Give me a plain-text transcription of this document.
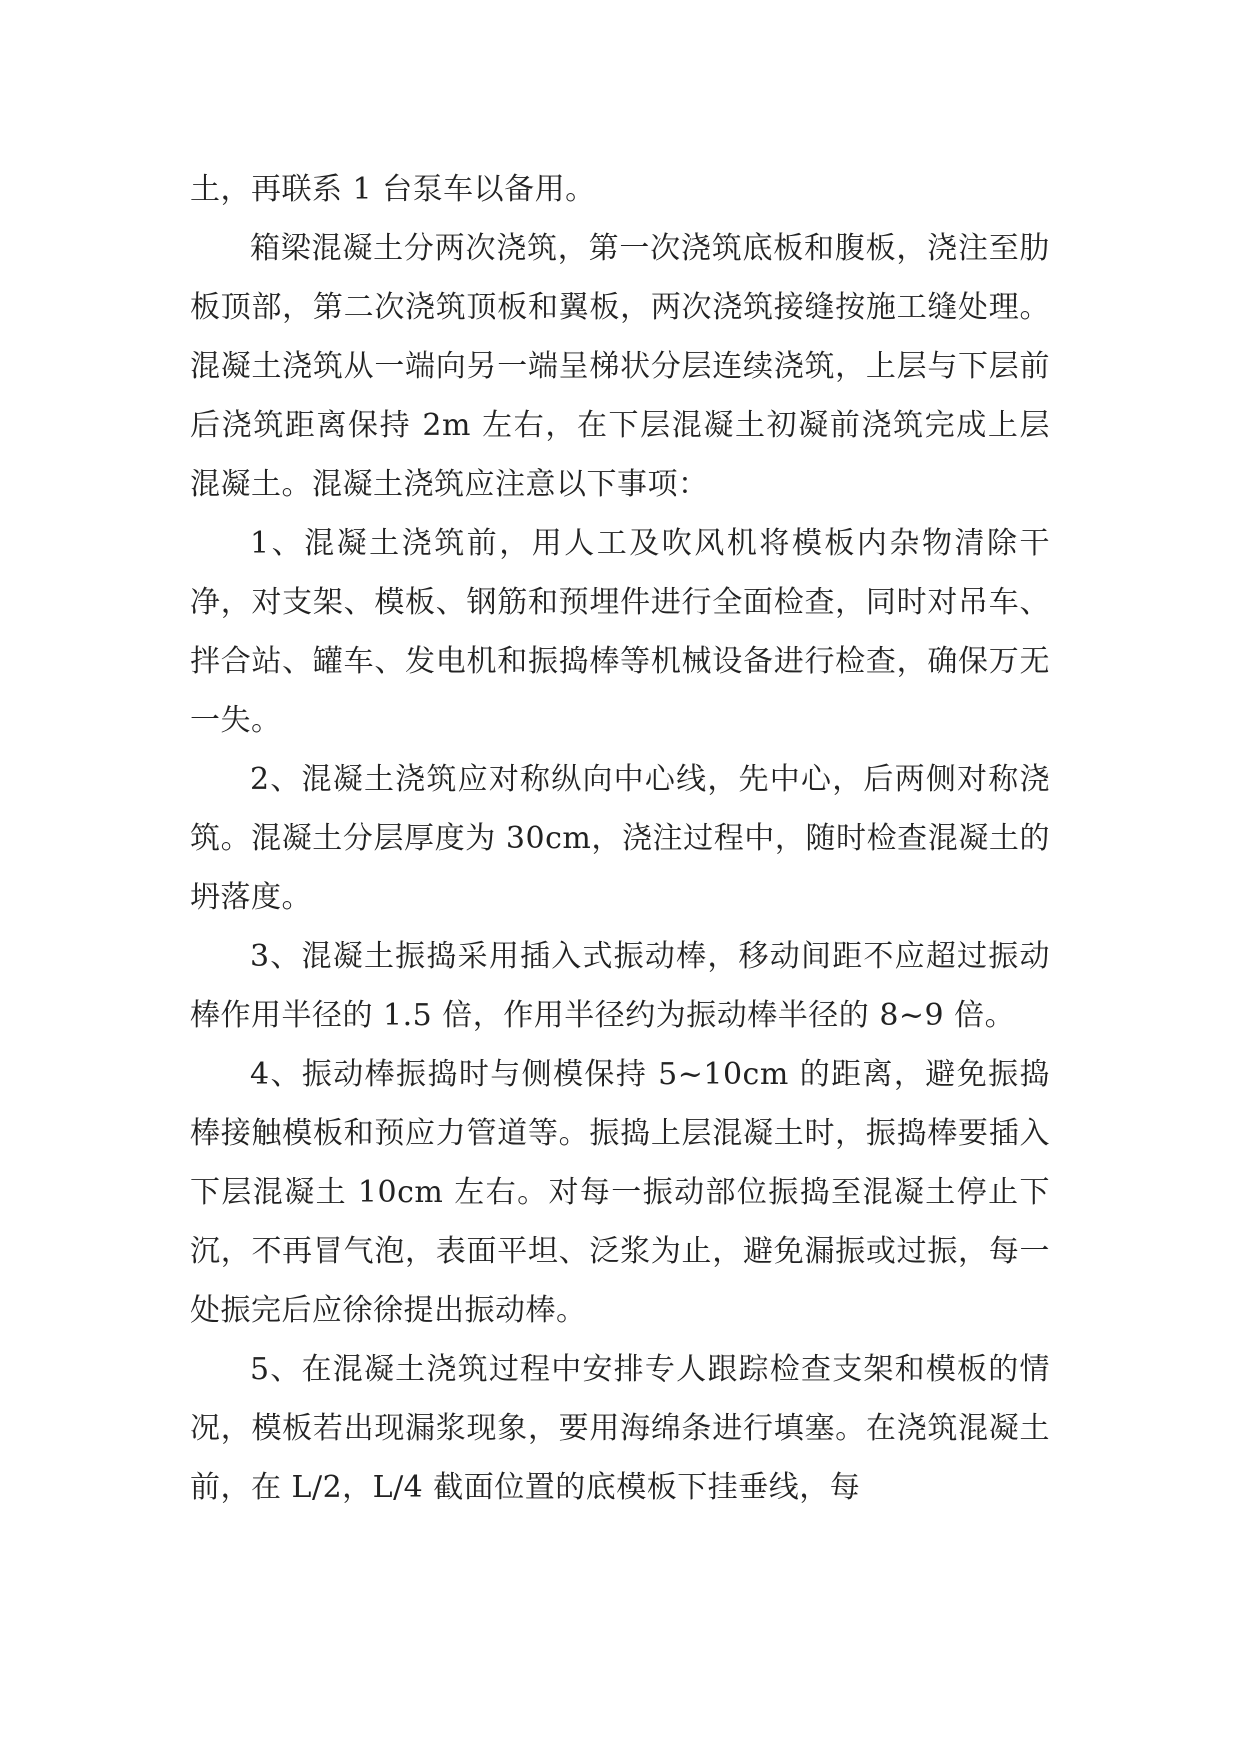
土，再联系 1 台泵车以备用。

箱梁混凝土分两次浇筑，第一次浇筑底板和腹板，浇注至肋板顶部，第二次浇筑顶板和翼板，两次浇筑接缝按施工缝处理。混凝土浇筑从一端向另一端呈梯状分层连续浇筑，上层与下层前后浇筑距离保持 2m 左右，在下层混凝土初凝前浇筑完成上层混凝土。混凝土浇筑应注意以下事项：

1、混凝土浇筑前，用人工及吹风机将模板内杂物清除干净，对支架、模板、钢筋和预埋件进行全面检查，同时对吊车、拌合站、罐车、发电机和振捣棒等机械设备进行检查，确保万无一失。

2、混凝土浇筑应对称纵向中心线，先中心，后两侧对称浇筑。混凝土分层厚度为 30cm，浇注过程中，随时检查混凝土的坍落度。

3、混凝土振捣采用插入式振动棒，移动间距不应超过振动棒作用半径的 1.5 倍，作用半径约为振动棒半径的 8~9 倍。

4、振动棒振捣时与侧模保持 5~10cm 的距离，避免振捣棒接触模板和预应力管道等。振捣上层混凝土时，振捣棒要插入下层混凝土 10cm 左右。对每一振动部位振捣至混凝土停止下沉，不再冒气泡，表面平坦、泛浆为止，避免漏振或过振，每一处振完后应徐徐提出振动棒。

5、在混凝土浇筑过程中安排专人跟踪检查支架和模板的情况，模板若出现漏浆现象，要用海绵条进行填塞。在浇筑混凝土前，在 L/2，L/4 截面位置的底模板下挂垂线，每
